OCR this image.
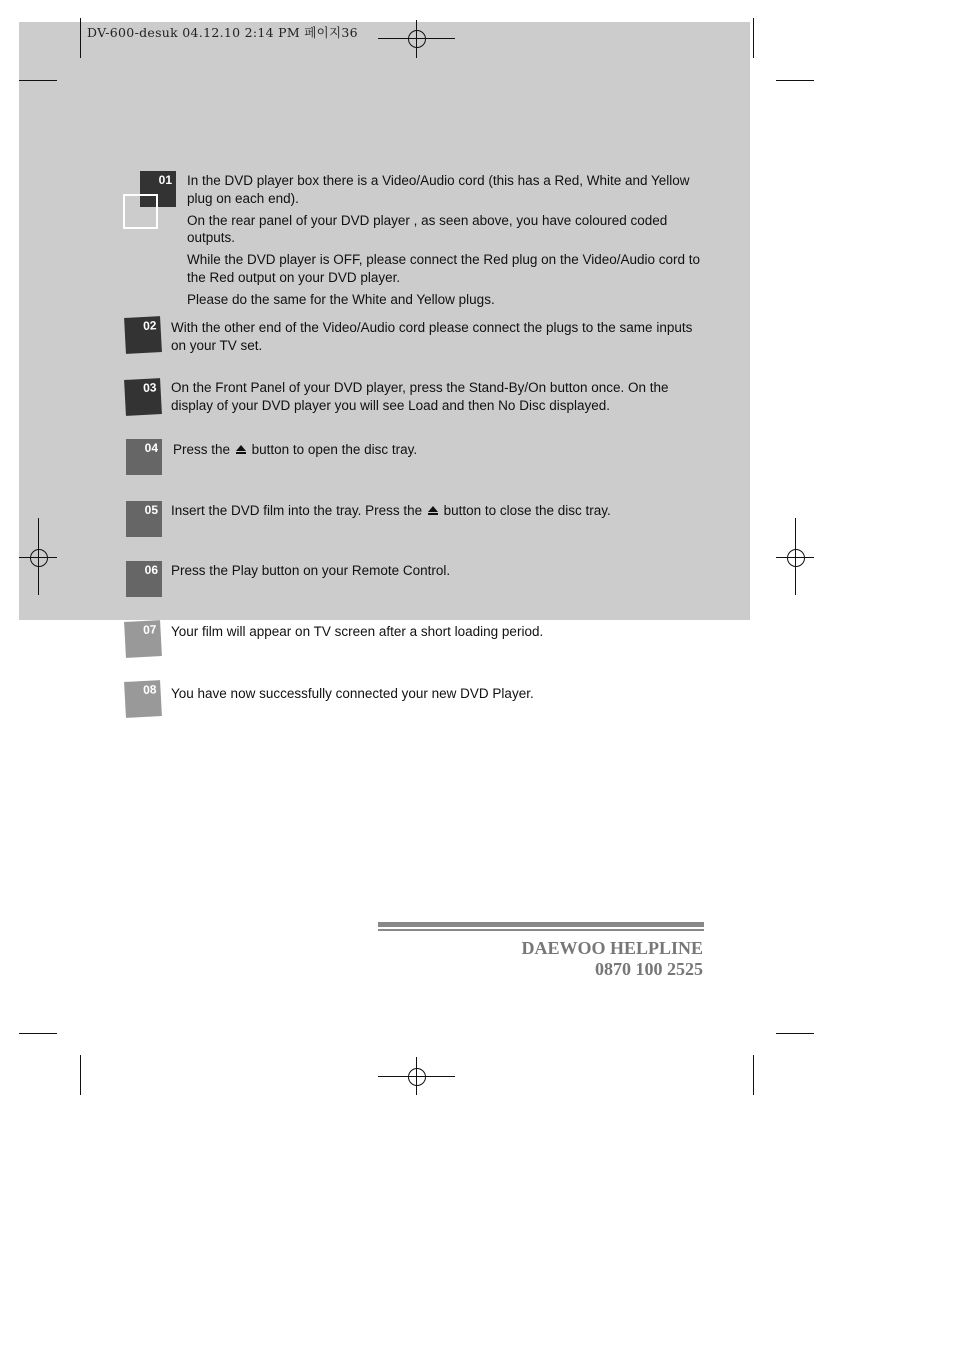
DV-600-desuk 04.12.10 2:14 PM 페이지36
01 In the DVD player box there is a Video/Audio cord (this has a Red, White and Yellow plug on each end).

On the rear panel of your DVD player , as seen above, you have coloured coded outputs.

While the DVD player is OFF, please connect the Red plug on the Video/Audio cord to the Red output on your DVD player.

Please do the same for the White and Yellow plugs.

02	With the other end of the Video/Audio cord please connect the plugs to the same inputs on your TV set.
03	On the Front Panel of your DVD player, press the Stand-By/On button once. On the display of your DVD player you will see Load and then No Disc displayed.
04 Press the button to open the disc tray.
05 Insert the DVD film into the tray. Press the button to close the disc tray.
06 Press the Play button on your Remote Control.
07	Your film will appear on TV screen after a short loading period.
08	You have now successfully connected your new DVD Player.
DAEWOO HELPLINE
0870 100 2525
